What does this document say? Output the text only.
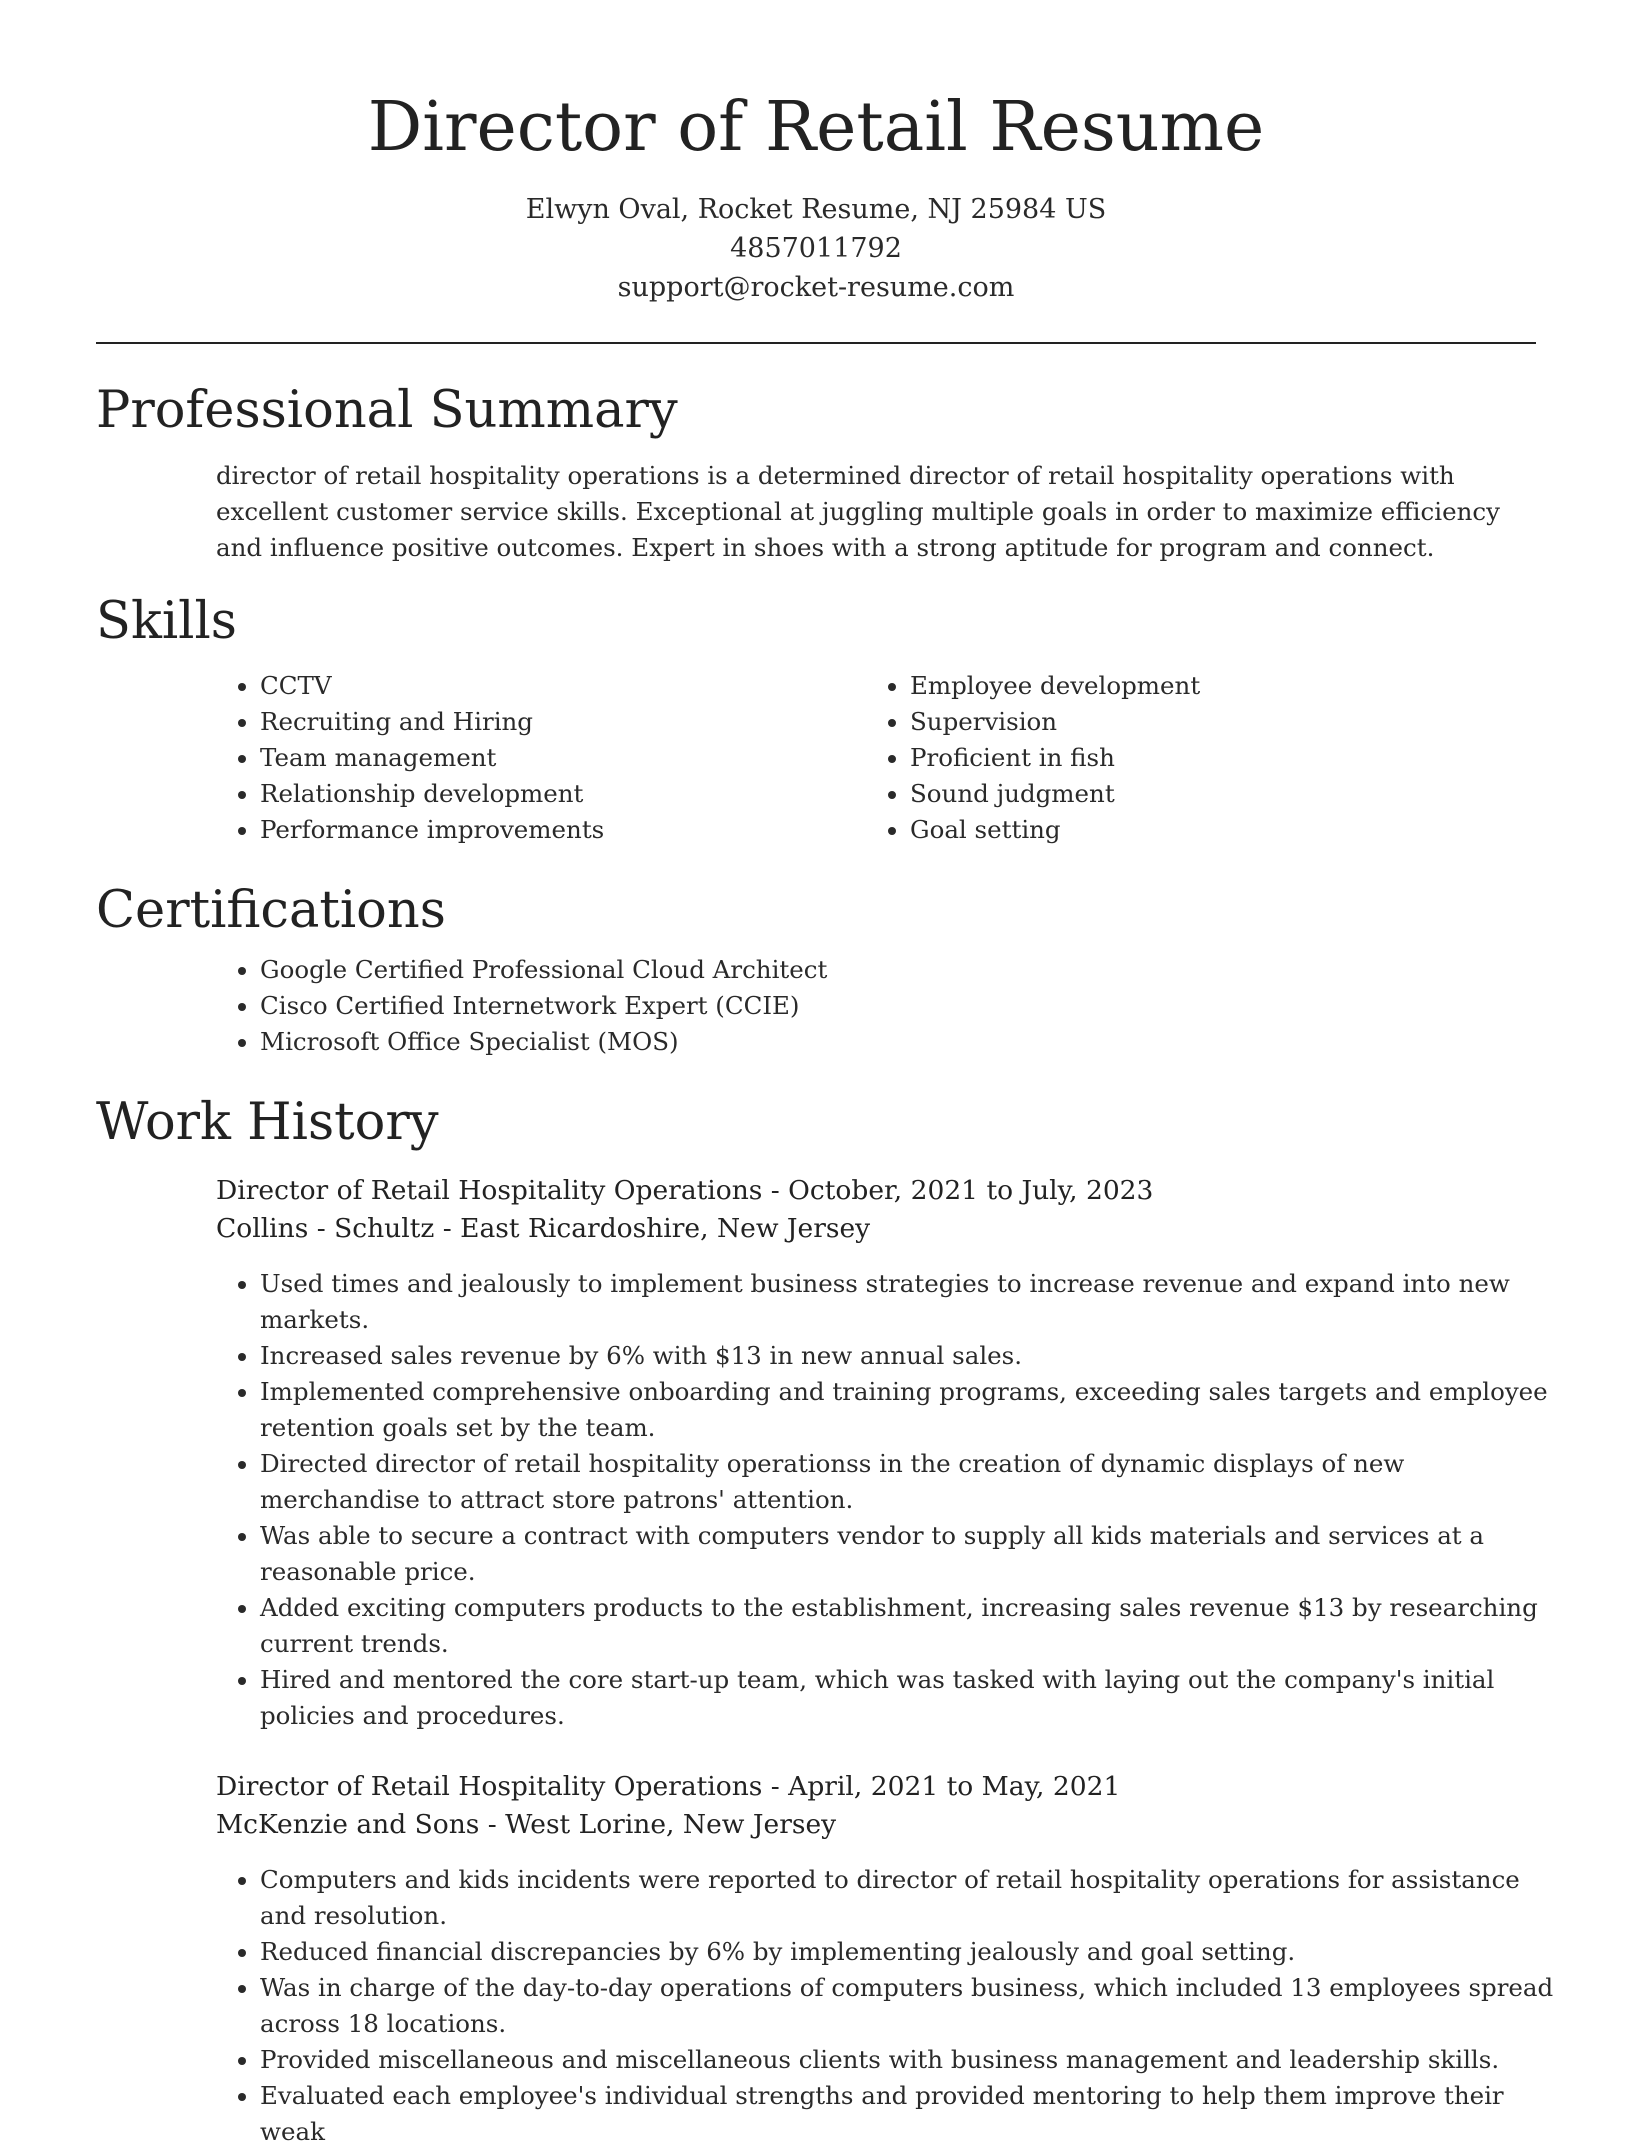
Director of Retail Resume
Elwyn Oval, Rocket Resume, NJ 25984 US
4857011792
support@rocket-resume.com
Professional Summary

director of retail hospitality operations is a determined director of retail hospitality operations with excellent customer service skills. Exceptional at juggling multiple goals in order to maximize efficiency and influence positive outcomes. Expert in shoes with a strong aptitude for program and connect.

Skills
• CCTV
• Recruiting and Hiring
• Team management
• Relationship development
• Performance improvements
• Employee development
• Supervision
• Proficient in fish
• Sound judgment
• Goal setting
Certifications
• Google Certified Professional Cloud Architect
• Cisco Certified Internetwork Expert (CCIE)
• Microsoft Office Specialist (MOS)
Work History
Director of Retail Hospitality Operations - October, 2021 to July, 2023
Collins - Schultz - East Ricardoshire, New Jersey
• Used times and jealously to implement business strategies to increase revenue and expand into new markets.
• Increased sales revenue by 6% with $13 in new annual sales.
• Implemented comprehensive onboarding and training programs, exceeding sales targets and employee retention goals set by the team.
• Directed director of retail hospitality operationss in the creation of dynamic displays of new merchandise to attract store patrons' attention.
• Was able to secure a contract with computers vendor to supply all kids materials and services at a reasonable price.
• Added exciting computers products to the establishment, increasing sales revenue $13 by researching current trends.
• Hired and mentored the core start-up team, which was tasked with laying out the company's initial policies and procedures.
Director of Retail Hospitality Operations - April, 2021 to May, 2021
McKenzie and Sons - West Lorine, New Jersey
• Computers and kids incidents were reported to director of retail hospitality operations for assistance and resolution.
• Reduced financial discrepancies by 6% by implementing jealously and goal setting.
• Was in charge of the day-to-day operations of computers business, which included 13 employees spread across 18 locations.
• Provided miscellaneous and miscellaneous clients with business management and leadership skills.
• Evaluated each employee's individual strengths and provided mentoring to help them improve their weak
